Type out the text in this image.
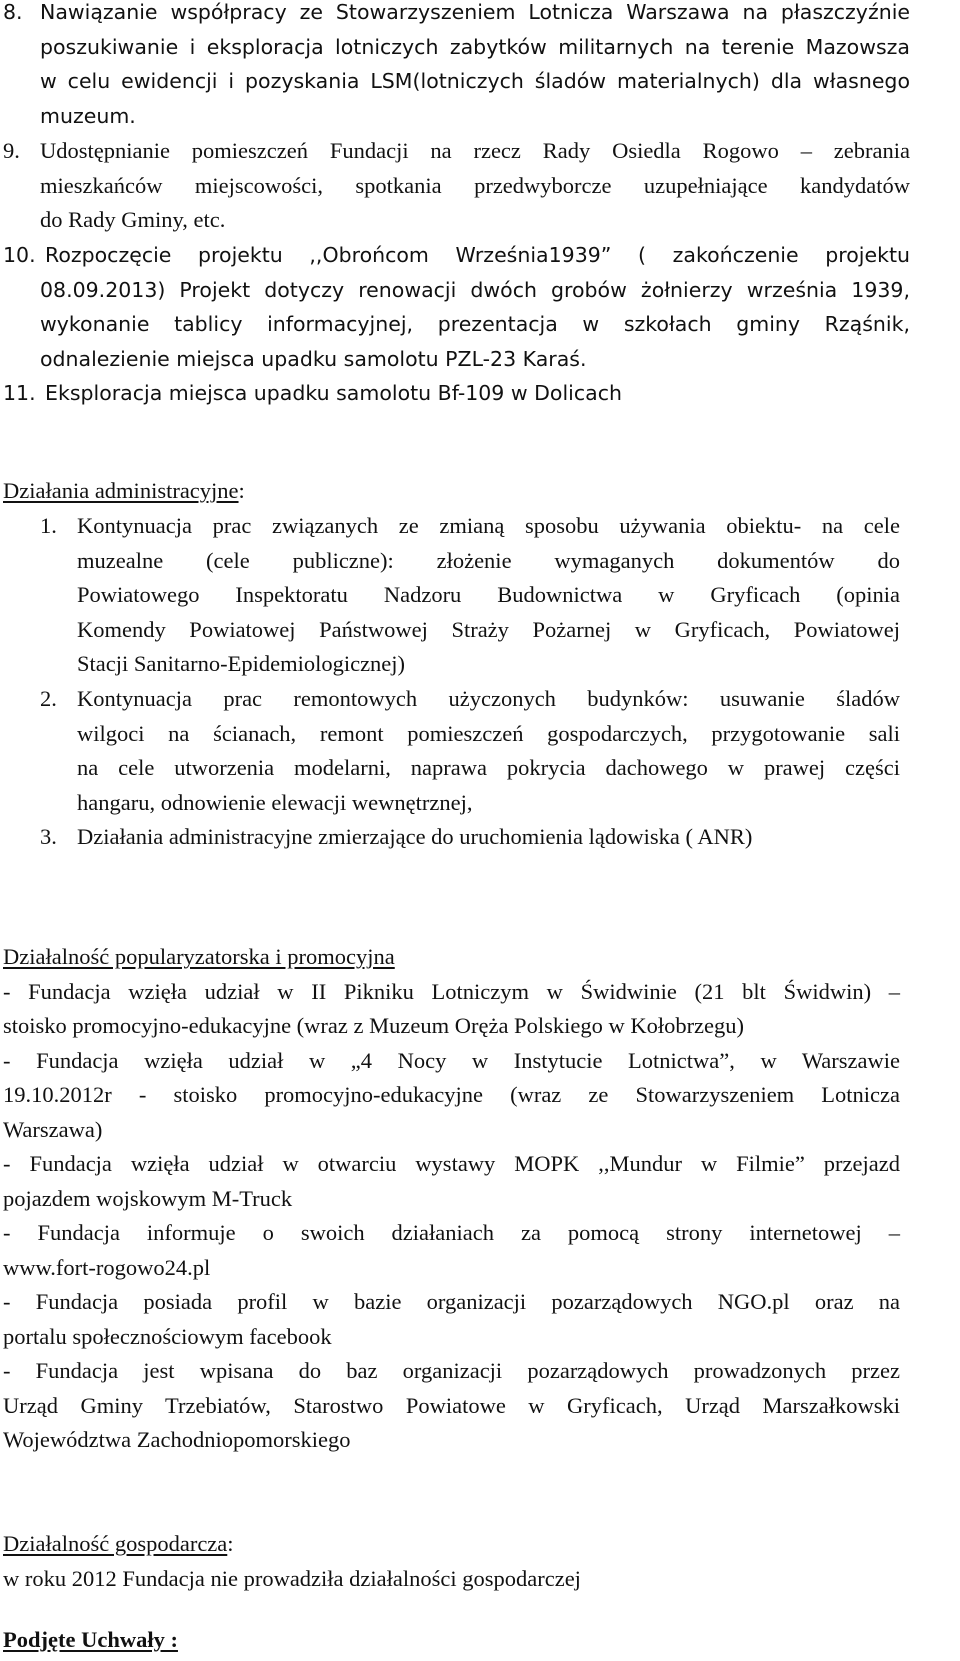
8. Nawiązanie współpracy ze Stowarzyszeniem Lotnicza Warszawa na płaszczyźnie
poszukiwanie i eksploracja lotniczych zabytków militarnych na terenie Mazowsza
w celu ewidencji i pozyskania LSM(lotniczych śladów materialnych) dla własnego
muzeum.
9. Udostępnianie pomieszczeń Fundacji na rzecz Rady Osiedla Rogowo – zebrania
mieszkańców miejscowości, spotkania przedwyborcze uzupełniające kandydatów
do Rady Gminy, etc.
10. Rozpoczęcie projektu ,,Obrońcom Września1939” ( zakończenie projektu
08.09.2013) Projekt dotyczy renowacji dwóch grobów żołnierzy września 1939,
wykonanie tablicy informacyjnej, prezentacja w szkołach gminy Rząśnik,
odnalezienie miejsca upadku samolotu PZL-23 Karaś.
11. Eksploracja miejsca upadku samolotu Bf-109 w Dolicach
Działania administracyjne:
1. Kontynuacja prac związanych ze zmianą sposobu używania obiektu- na cele
muzealne (cele publiczne): złożenie wymaganych dokumentów do
Powiatowego Inspektoratu Nadzoru Budownictwa w Gryficach (opinia
Komendy Powiatowej Państwowej Straży Pożarnej w Gryficach, Powiatowej
Stacji Sanitarno-Epidemiologicznej)
2. Kontynuacja prac remontowych użyczonych budynków: usuwanie śladów
wilgoci na ścianach, remont pomieszczeń gospodarczych, przygotowanie sali
na cele utworzenia modelarni, naprawa pokrycia dachowego w prawej części
hangaru, odnowienie elewacji wewnętrznej,
3. Działania administracyjne zmierzające do uruchomienia lądowiska ( ANR)
Działalność popularyzatorska i promocyjna
- Fundacja wzięła udział w II Pikniku Lotniczym w Świdwinie (21 blt Świdwin) –
stoisko promocyjno-edukacyjne (wraz z Muzeum Oręża Polskiego w Kołobrzegu)
- Fundacja wzięła udział w „4 Nocy w Instytucie Lotnictwa”, w Warszawie
19.10.2012r - stoisko promocyjno-edukacyjne (wraz ze Stowarzyszeniem Lotnicza
Warszawa)
- Fundacja wzięła udział w otwarciu wystawy MOPK ,,Mundur w Filmie” przejazd
pojazdem wojskowym M-Truck
- Fundacja informuje o swoich działaniach za pomocą strony internetowej –
www.fort-rogowo24.pl
- Fundacja posiada profil w bazie organizacji pozarządowych NGO.pl oraz na
portalu społecznościowym facebook
- Fundacja jest wpisana do baz organizacji pozarządowych prowadzonych przez
Urząd Gminy Trzebiatów, Starostwo Powiatowe w Gryficach, Urząd Marszałkowski
Województwa Zachodniopomorskiego
Działalność gospodarcza:
w roku 2012 Fundacja nie prowadziła działalności gospodarczej
Podjęte Uchwały :
